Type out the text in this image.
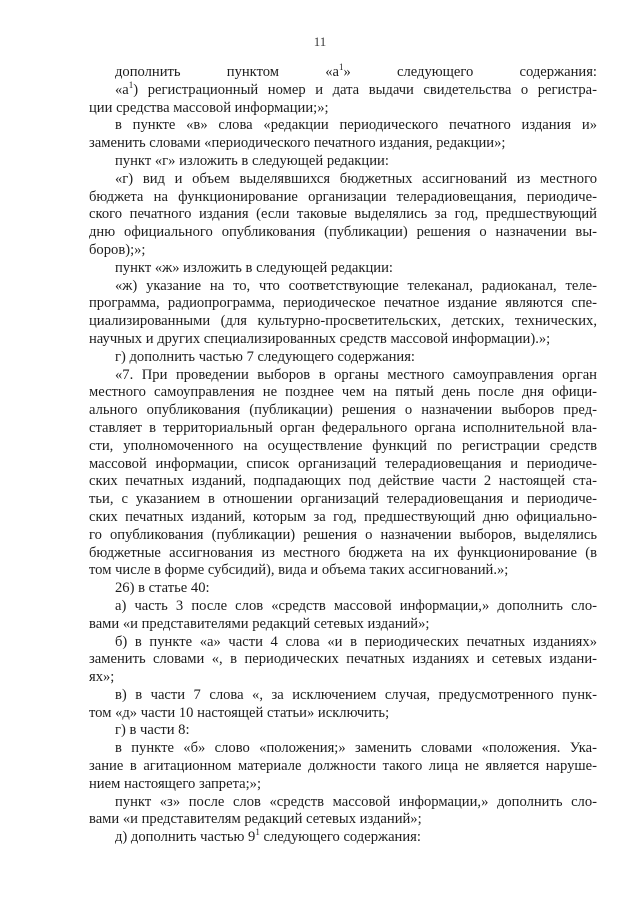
11

дополнить пунктом «$а^1$» следующего содержания:

«$а^1$) регистрационный номер и дата выдачи свидетельства о регистра-

ции средства массовой информации;»;

в пункте «в» слова «редакции периодического печатного издания и»

заменить словами «периодического печатного издания, редакции»;

пункт «г» изложить в следующей редакции:

«г) вид и объем выделявшихся бюджетных ассигнований из местного

бюджета на функционирование организации телерадиовещания, периодиче-

ского печатного издания (если таковые выделялись за год, предшествующий

дню официального опубликования (публикации) решения о назначении вы-

боров);»;

пункт «ж» изложить в следующей редакции:

«ж) указание на то, что соответствующие телеканал, радиоканал, теле-

программа, радиопрограмма, периодическое печатное издание являются спе-

циализированными (для культурно-просветительских, детских, технических,

научных и других специализированных средств массовой информации).»;

г) дополнить частью 7 следующего содержания:

«7. При проведении выборов в органы местного самоуправления орган

местного самоуправления не позднее чем на пятый день после дня офици-

ального опубликования (публикации) решения о назначении выборов пред-

ставляет в территориальный орган федерального органа исполнительной вла-

сти, уполномоченного на осуществление функций по регистрации средств

массовой информации, список организаций телерадиовещания и периодиче-

ских печатных изданий, подпадающих под действие части 2 настоящей ста-

тьи, с указанием в отношении организаций телерадиовещания и периодиче-

ских печатных изданий, которым за год, предшествующий дню официально-

го опубликования (публикации) решения о назначении выборов, выделялись

бюджетные ассигнования из местного бюджета на их функционирование (в

том числе в форме субсидий), вида и объема таких ассигнований.»;

26) в статье 40:

а) часть 3 после слов «средств массовой информации,» дополнить сло-

вами «и представителями редакций сетевых изданий»;

б) в пункте «а» части 4 слова «и в периодических печатных изданиях»

заменить словами «, в периодических печатных изданиях и сетевых издани-

ях»;

в) в части 7 слова «, за исключением случая, предусмотренного пунк-

том «д» части 10 настоящей статьи» исключить;

г) в части 8:

в пункте «б» слово «положения;» заменить словами «положения. Ука-

зание в агитационном материале должности такого лица не является наруше-

нием настоящего запрета;»;

пункт «з» после слов «средств массовой информации,» дополнить сло-

вами «и представителям редакций сетевых изданий»;

д) дополнить частью $9^1$ следующего содержания:
